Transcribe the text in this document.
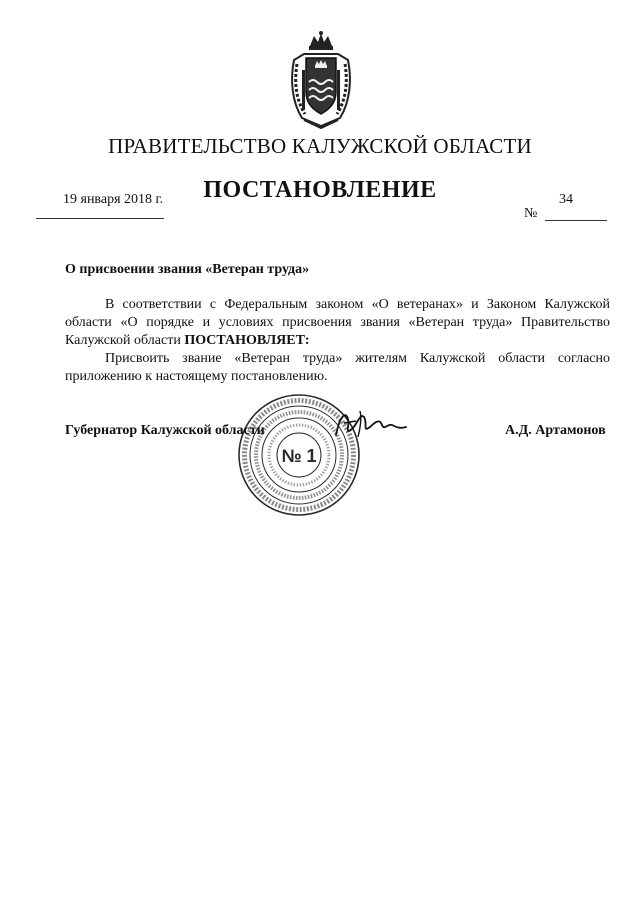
ПРАВИТЕЛЬСТВО КАЛУЖСКОЙ ОБЛАСТИ
ПОСТАНОВЛЕНИЕ
19 января 2018 г.	34
№
О присвоении звания «Ветеран труда»

В соответствии с Федеральным законом «О ветеранах» и Законом Калужской области «О порядке и условиях присвоения звания «Ветеран труда» Правительство Калужской области ПОСТАНОВЛЯЕТ:

Присвоить звание «Ветеран труда» жителям Калужской области согласно приложению к настоящему постановлению.

№ 1
Губернатор Калужской области	А.Д. Артамонов
